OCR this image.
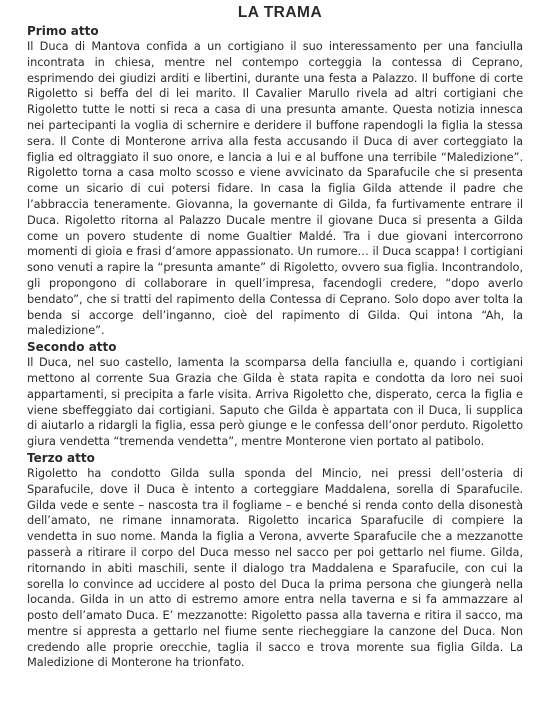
LA TRAMA
Primo atto

Il Duca di Mantova confida a un cortigiano il suo interessamento per una fanciulla incontrata in chiesa, mentre nel contempo corteggia la contessa di Ceprano, esprimendo dei giudizi arditi e libertini, durante una festa a Palazzo. Il buffone di corte Rigoletto si beffa del di lei marito. Il Cavalier Marullo rivela ad altri cortigiani che Rigoletto tutte le notti si reca a casa di una presunta amante. Questa notizia innesca nei partecipanti la voglia di schernire e deridere il buffone rapendogli la figlia la stessa sera. Il Conte di Monterone arriva alla festa accusando il Duca di aver corteggiato la figlia ed oltraggiato il suo onore, e lancia a lui e al buffone una terribile “Maledizione”. Rigoletto torna a casa molto scosso e viene avvicinato da Sparafucile che si presenta come un sicario di cui potersi fidare. In casa la figlia Gilda attende il padre che l’abbraccia teneramente. Giovanna, la governante di Gilda, fa furtivamente entrare il Duca. Rigoletto ritorna al Palazzo Ducale mentre il giovane Duca si presenta a Gilda come un povero studente di nome Gualtier Maldé. Tra i due giovani intercorrono momenti di gioia e frasi d’amore appassionato. Un rumore… il Duca scappa! I cortigiani sono venuti a rapire la “presunta amante” di Rigoletto, ovvero sua figlia. Incontrandolo, gli propongono di collaborare in quell’impresa, facendogli credere, “dopo averlo bendato”, che si tratti del rapimento della Contessa di Ceprano. Solo dopo aver tolta la benda si accorge dell’inganno, cioè del rapimento di Gilda. Qui intona “Ah, la maledizione”.

Secondo atto

Il Duca, nel suo castello, lamenta la scomparsa della fanciulla e, quando i cortigiani mettono al corrente Sua Grazia che Gilda è stata rapita e condotta da loro nei suoi appartamenti, si precipita a farle visita. Arriva Rigoletto che, disperato, cerca la figlia e viene sbeffeggiato dai cortigiani. Saputo che Gilda è appartata con il Duca, li supplica di aiutarlo a ridargli la figlia, essa però giunge e le confessa dell’onor perduto. Rigoletto giura vendetta “tremenda vendetta”, mentre Monterone vien portato al patibolo.

Terzo atto

Rigoletto ha condotto Gilda sulla sponda del Mincio, nei pressi dell’osteria di Sparafucile, dove il Duca è intento a corteggiare Maddalena, sorella di Sparafucile. Gilda vede e sente – nascosta tra il fogliame – e benché si renda conto della disonestà dell’amato, ne rimane innamorata. Rigoletto incarica Sparafucile di compiere la vendetta in suo nome. Manda la figlia a Verona, avverte Sparafucile che a mezzanotte passerà a ritirare il corpo del Duca messo nel sacco per poi gettarlo nel fiume. Gilda, ritornando in abiti maschili, sente il dialogo tra Maddalena e Sparafucile, con cui la sorella lo convince ad uccidere al posto del Duca la prima persona che giungerà nella locanda. Gilda in un atto di estremo amore entra nella taverna e si fa ammazzare al posto dell’amato Duca. E’ mezzanotte: Rigoletto passa alla taverna e ritira il sacco, ma mentre si appresta a gettarlo nel fiume sente riecheggiare la canzone del Duca. Non credendo alle proprie orecchie, taglia il sacco e trova morente sua figlia Gilda. La Maledizione di Monterone ha trionfato.
